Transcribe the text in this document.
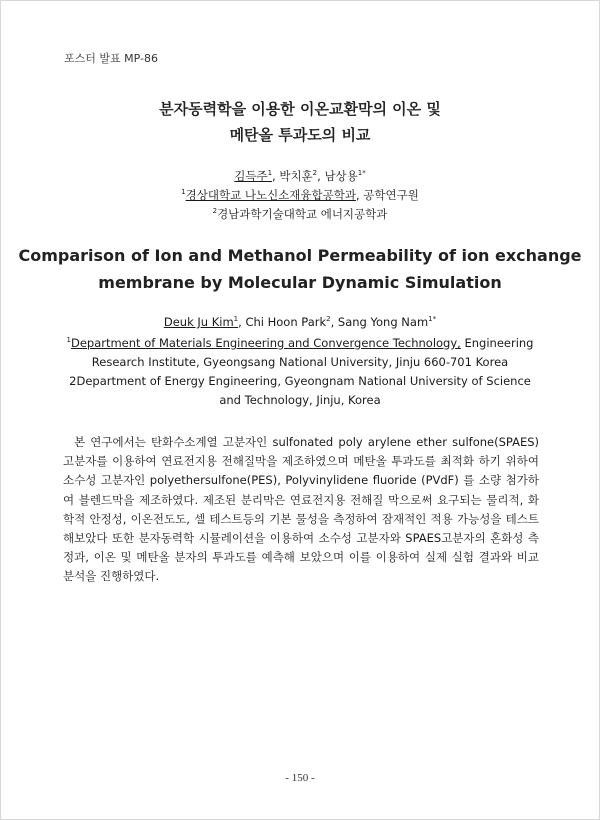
포스터 발표 MP-86
분자동력학을 이용한 이온교환막의 이온 및
메탄올 투과도의 비교
김득주$^1$, 박치훈$^2$, 남상용$^{1*}$
$^1$경상대학교 나노신소재융합공학과, 공학연구원
$^2$경남과학기술대학교 에너지공학과
Comparison of Ion and Methanol Permeability of ion exchange
membrane by Molecular Dynamic Simulation
Deuk Ju Kim$^1$, Chi Hoon Park$^2$, Sang Yong Nam$^{1*}$
$^1$Department of Materials Engineering and Convergence Technology, Engineering Research Institute, Gyeongsang National University, Jinju 660-701 Korea
2Department of Energy Engineering, Gyeongnam National University of Science and Technology, Jinju, Korea
본 연구에서는 탄화수소계열 고분자인 sulfonated poly arylene ether sulfone(SPAES) 고분자를 이용하여 연료전지용 전해질막을 제조하였으며 메탄올 투과도를 최적화 하기 위하여 소수성 고분자인 polyethersulfone(PES), Polyvinylidene fluoride (PVdF) 를 소량 첨가하여 블렌드막을 제조하였다. 제조된 분리막은 연료전지용 전해질 막으로써 요구되는 물리적, 화학적 안정성, 이온전도도, 셀 테스트등의 기본 물성을 측정하여 잠재적인 적용 가능성을 테스트 해보았다 또한 분자동력학 시뮬레이션을 이용하여 소수성 고분자와 SPAES고분자의 혼화성 측정과, 이온 및 메탄올 분자의 투과도를 예측해 보았으며 이를 이용하여 실제 실험 결과와 비교 분석을 진행하였다.
- 150 -
